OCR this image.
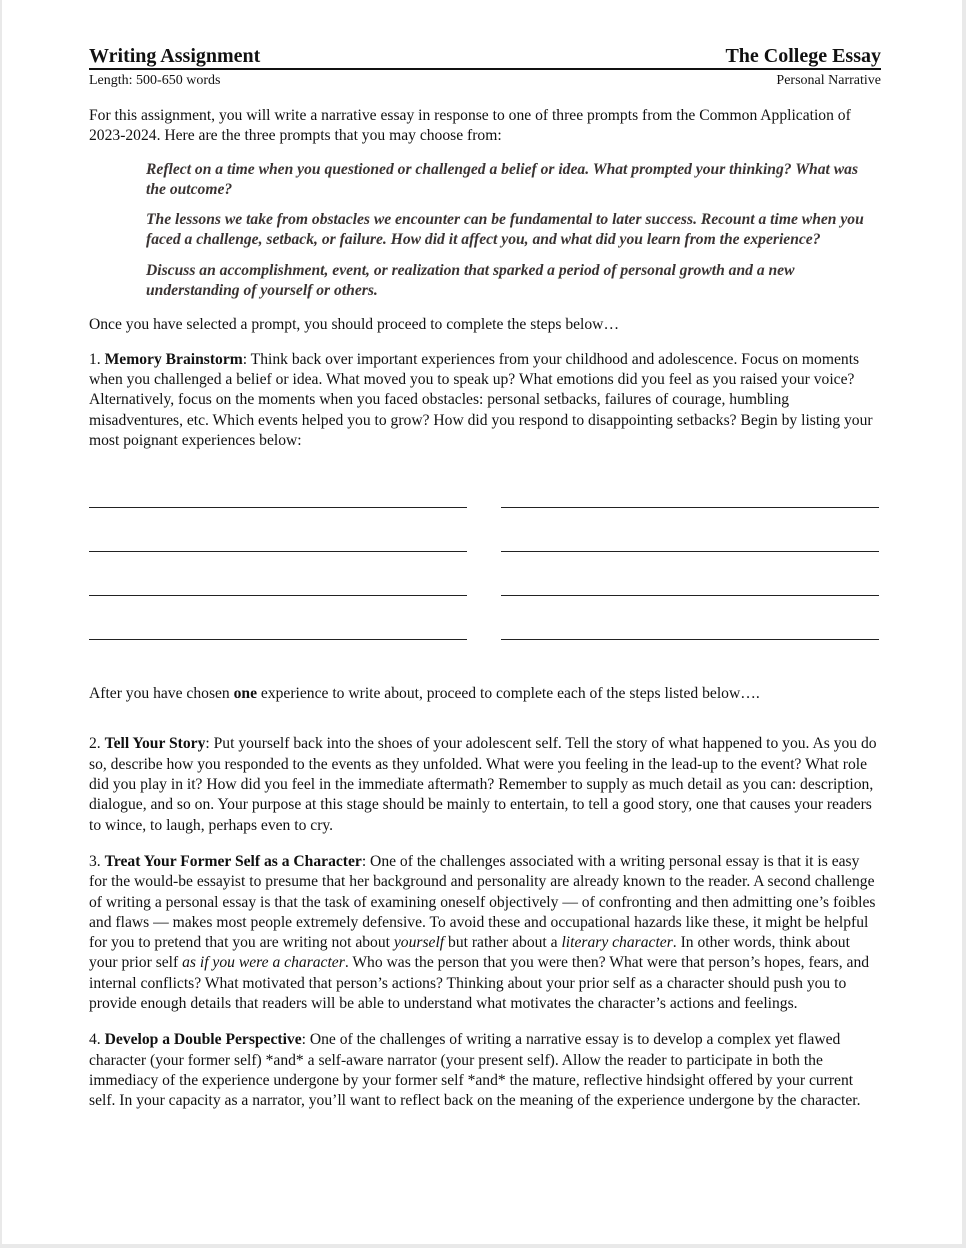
Writing Assignment	The College Essay
Length: 500-650 words	Personal Narrative

For this assignment, you will write a narrative essay in response to one of three prompts from the Common Application of 2023-2024. Here are the three prompts that you may choose from:

Reflect on a time when you questioned or challenged a belief or idea. What prompted your thinking? What was the outcome?
The lessons we take from obstacles we encounter can be fundamental to later success. Recount a time when you faced a challenge, setback, or failure. How did it affect you, and what did you learn from the experience?
Discuss an accomplishment, event, or realization that sparked a period of personal growth and a new understanding of yourself or others.

Once you have selected a prompt, you should proceed to complete the steps below…

1. Memory Brainstorm: Think back over important experiences from your childhood and adolescence. Focus on moments when you challenged a belief or idea. What moved you to speak up? What emotions did you feel as you raised your voice? Alternatively, focus on the moments when you faced obstacles: personal setbacks, failures of courage, humbling misadventures, etc. Which events helped you to grow? How did you respond to disappointing setbacks? Begin by listing your most poignant experiences below:

After you have chosen one experience to write about, proceed to complete each of the steps listed below….

2. Tell Your Story: Put yourself back into the shoes of your adolescent self. Tell the story of what happened to you. As you do so, describe how you responded to the events as they unfolded. What were you feeling in the lead-up to the event? What role did you play in it? How did you feel in the immediate aftermath? Remember to supply as much detail as you can: description, dialogue, and so on. Your purpose at this stage should be mainly to entertain, to tell a good story, one that causes your readers to wince, to laugh, perhaps even to cry.

3. Treat Your Former Self as a Character: One of the challenges associated with a writing personal essay is that it is easy for the would-be essayist to presume that her background and personality are already known to the reader. A second challenge of writing a personal essay is that the task of examining oneself objectively — of confronting and then admitting one’s foibles and flaws — makes most people extremely defensive. To avoid these and occupational hazards like these, it might be helpful for you to pretend that you are writing not about yourself but rather about a literary character. In other words, think about your prior self as if you were a character. Who was the person that you were then? What were that person’s hopes, fears, and internal conflicts? What motivated that person’s actions? Thinking about your prior self as a character should push you to provide enough details that readers will be able to understand what motivates the character’s actions and feelings.

4. Develop a Double Perspective: One of the challenges of writing a narrative essay is to develop a complex yet flawed character (your former self) *and* a self-aware narrator (your present self). Allow the reader to participate in both the immediacy of the experience undergone by your former self *and* the mature, reflective hindsight offered by your current self. In your capacity as a narrator, you’ll want to reflect back on the meaning of the experience undergone by the character.
